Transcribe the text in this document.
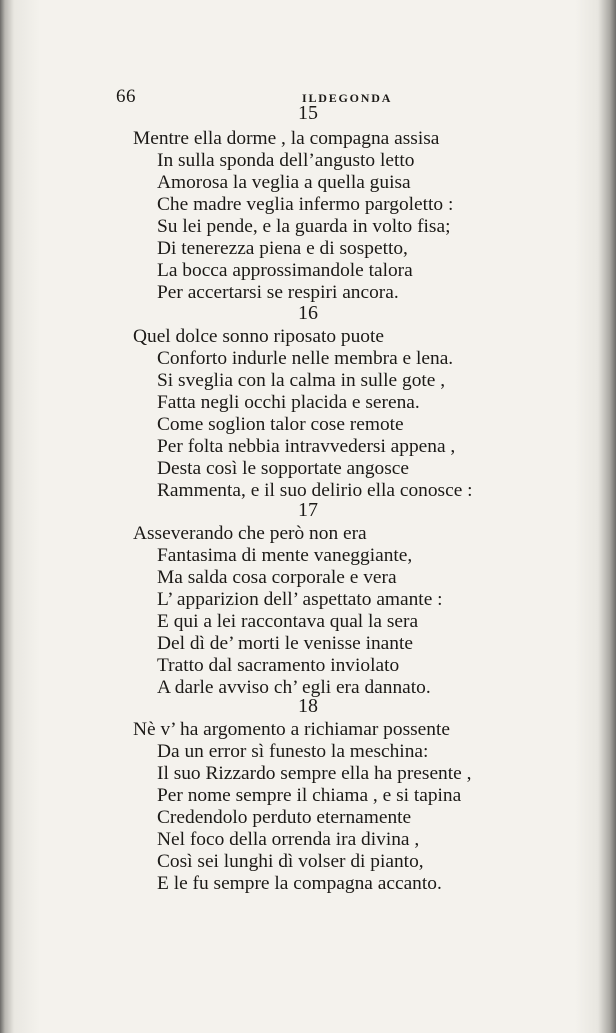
66	ILDEGONDA
15
Mentre ella dorme , la compagna assisa
In sulla sponda dell’angusto letto
Amorosa la veglia a quella guisa
Che madre veglia infermo pargoletto :
Su lei pende, e la guarda in volto fisa;
Di tenerezza piena e di sospetto,
La bocca approssimandole talora
Per accertarsi se respiri ancora.
16
Quel dolce sonno riposato puote
Conforto indurle nelle membra e lena.
Si sveglia con la calma in sulle gote ,
Fatta negli occhi placida e serena.
Come soglion talor cose remote
Per folta nebbia intravvedersi appena ,
Desta così le sopportate angosce
Rammenta, e il suo delirio ella conosce :
17
Asseverando che però non era
Fantasima di mente vaneggiante,
Ma salda cosa corporale e vera
L’ apparizion dell’ aspettato amante :
E qui a lei raccontava qual la sera
Del dì de’ morti le venisse inante
Tratto dal sacramento inviolato
A darle avviso ch’ egli era dannato.
18
Nè v’ ha argomento a richiamar possente
Da un error sì funesto la meschina:
Il suo Rizzardo sempre ella ha presente ,
Per nome sempre il chiama , e si tapina
Credendolo perduto eternamente
Nel foco della orrenda ira divina ,
Così sei lunghi dì volser di pianto,
E le fu sempre la compagna accanto.
